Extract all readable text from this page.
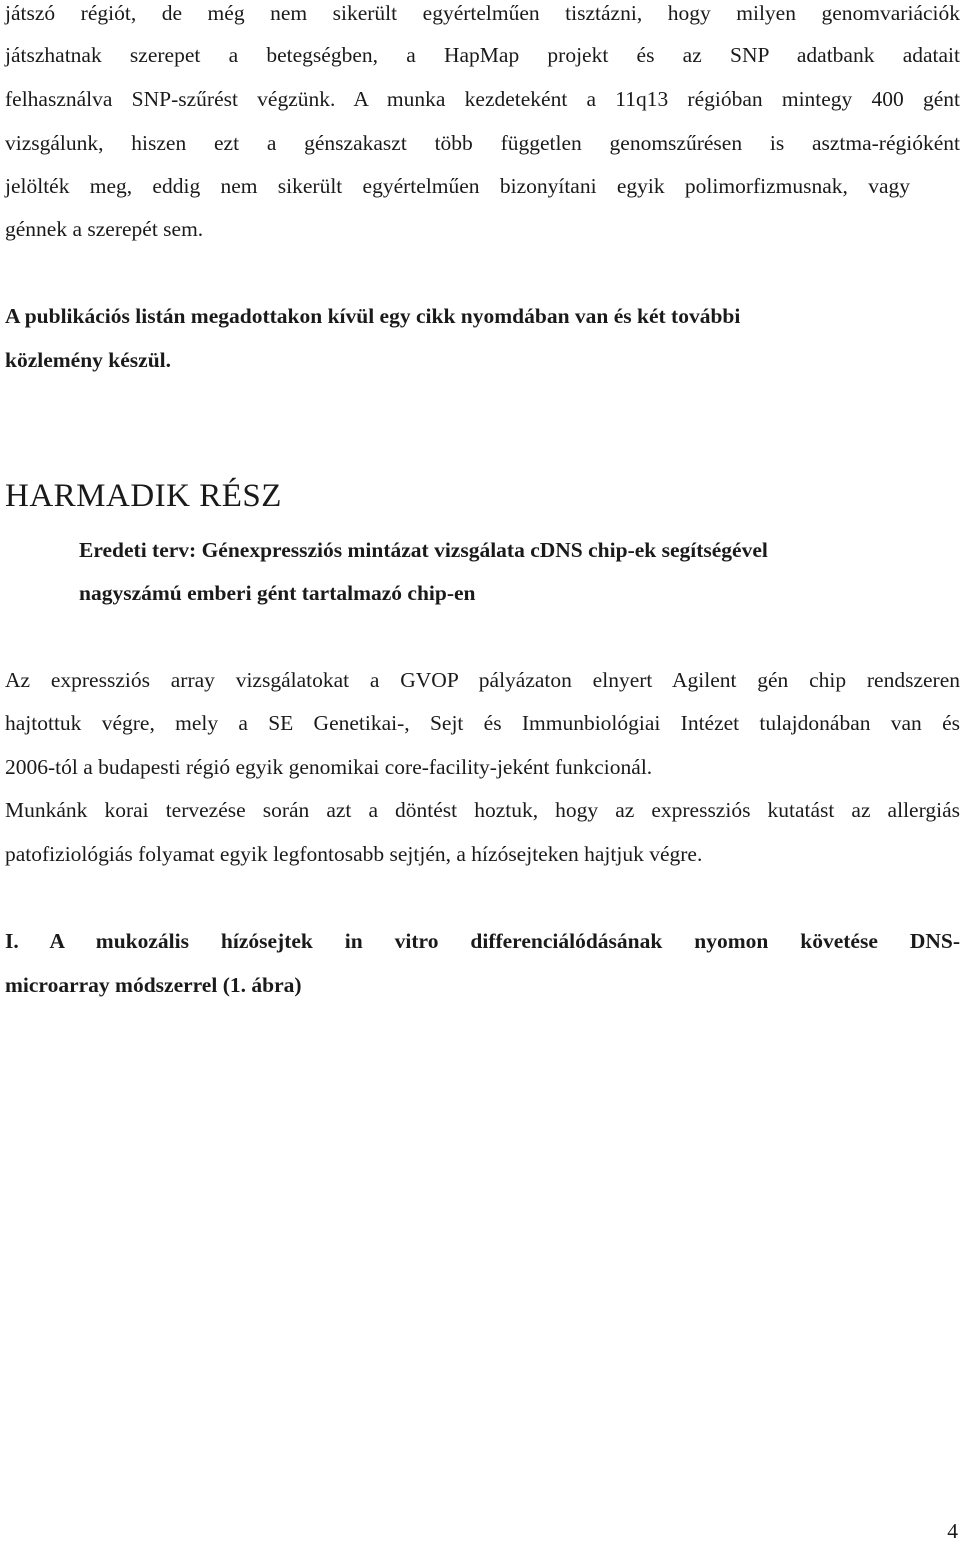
játszó régiót, de még nem sikerült egyértelműen tisztázni, hogy milyen genomvariációk
játszhatnak szerepet a betegségben, a HapMap projekt és az SNP adatbank adatait
felhasználva SNP-szűrést végzünk. A munka kezdeteként a 11q13 régióban mintegy 400 gént
vizsgálunk, hiszen ezt a génszakaszt több független genomszűrésen is asztma-régióként
jelölték meg, eddig nem sikerült egyértelműen bizonyítani egyik polimorfizmusnak, vagy
génnek a szerepét sem.
A publikációs listán megadottakon kívül egy cikk nyomdában van és két további
közlemény készül.
HARMADIK RÉSZ
Eredeti terv: Génexpressziós mintázat vizsgálata cDNS chip-ek segítségével
nagyszámú emberi gént tartalmazó chip-en
Az expressziós array vizsgálatokat a GVOP pályázaton elnyert Agilent gén chip rendszeren
hajtottuk végre, mely a SE Genetikai-, Sejt és Immunbiológiai Intézet tulajdonában van és
2006-tól a budapesti régió egyik genomikai core-facility-jeként funkcionál.
Munkánk korai tervezése során azt a döntést hoztuk, hogy az expressziós kutatást az allergiás
patofiziológiás folyamat egyik legfontosabb sejtjén, a hízósejteken hajtjuk végre.
I. A mukozális hízósejtek in vitro differenciálódásának nyomon követése DNS-
microarray módszerrel (1. ábra)
4
